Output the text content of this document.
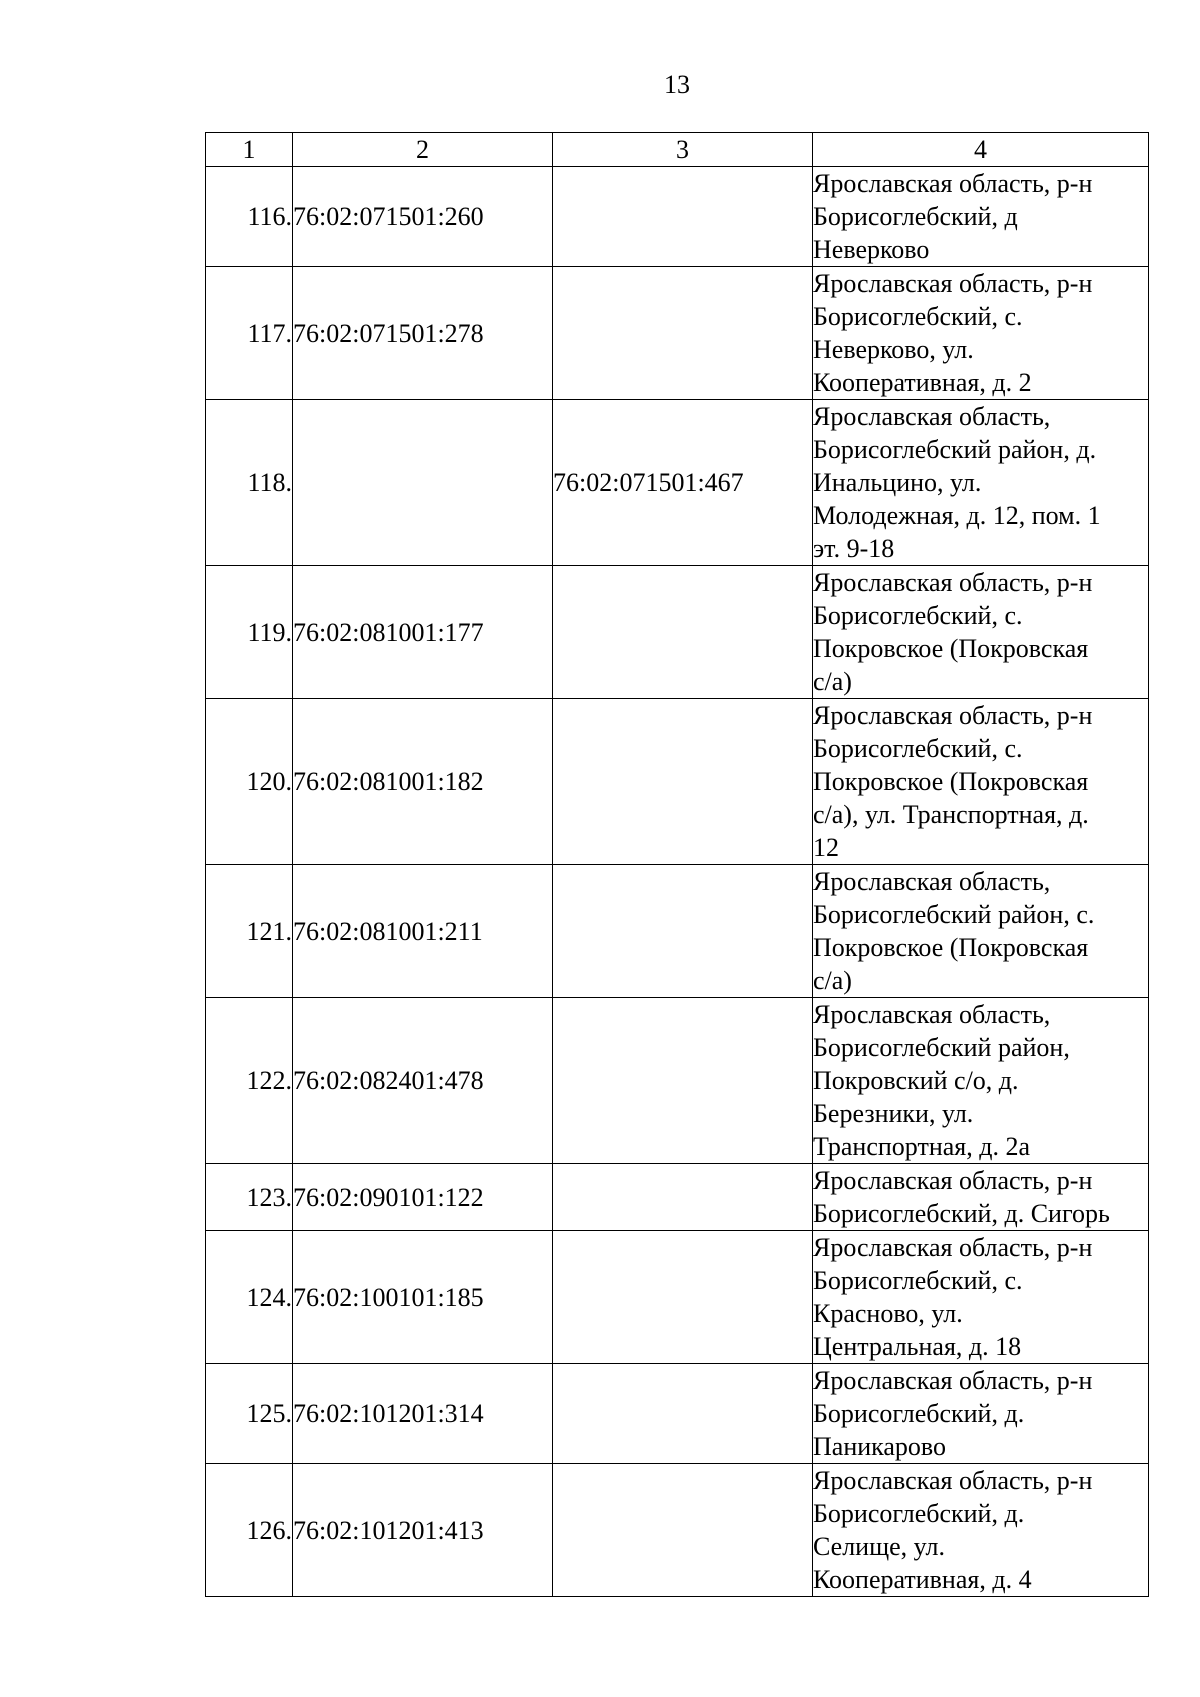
13
1	2	3	4
116.	76:02:071501:260		Ярославская область, р-н
Борисоглебский, д
Неверково
117.	76:02:071501:278		Ярославская область, р-н
Борисоглебский, с.
Неверково, ул.
Кооперативная, д. 2
118.		76:02:071501:467	Ярославская область,
Борисоглебский район, д.
Инальцино, ул.
Молодежная, д. 12, пом. 1
эт. 9-18
119.	76:02:081001:177		Ярославская область, р-н
Борисоглебский, с.
Покровское (Покровская
с/а)
120.	76:02:081001:182		Ярославская область, р-н
Борисоглебский, с.
Покровское (Покровская
с/а), ул. Транспортная, д.
12
121.	76:02:081001:211		Ярославская область,
Борисоглебский район, с.
Покровское (Покровская
с/а)
122.	76:02:082401:478		Ярославская область,
Борисоглебский район,
Покровский с/о, д.
Березники, ул.
Транспортная, д. 2а
123.	76:02:090101:122		Ярославская область, р-н
Борисоглебский, д. Сигорь
124.	76:02:100101:185		Ярославская область, р-н
Борисоглебский, с.
Красново, ул.
Центральная, д. 18
125.	76:02:101201:314		Ярославская область, р-н
Борисоглебский, д.
Паникарово
126.	76:02:101201:413		Ярославская область, р-н
Борисоглебский, д.
Селище, ул.
Кооперативная, д. 4
